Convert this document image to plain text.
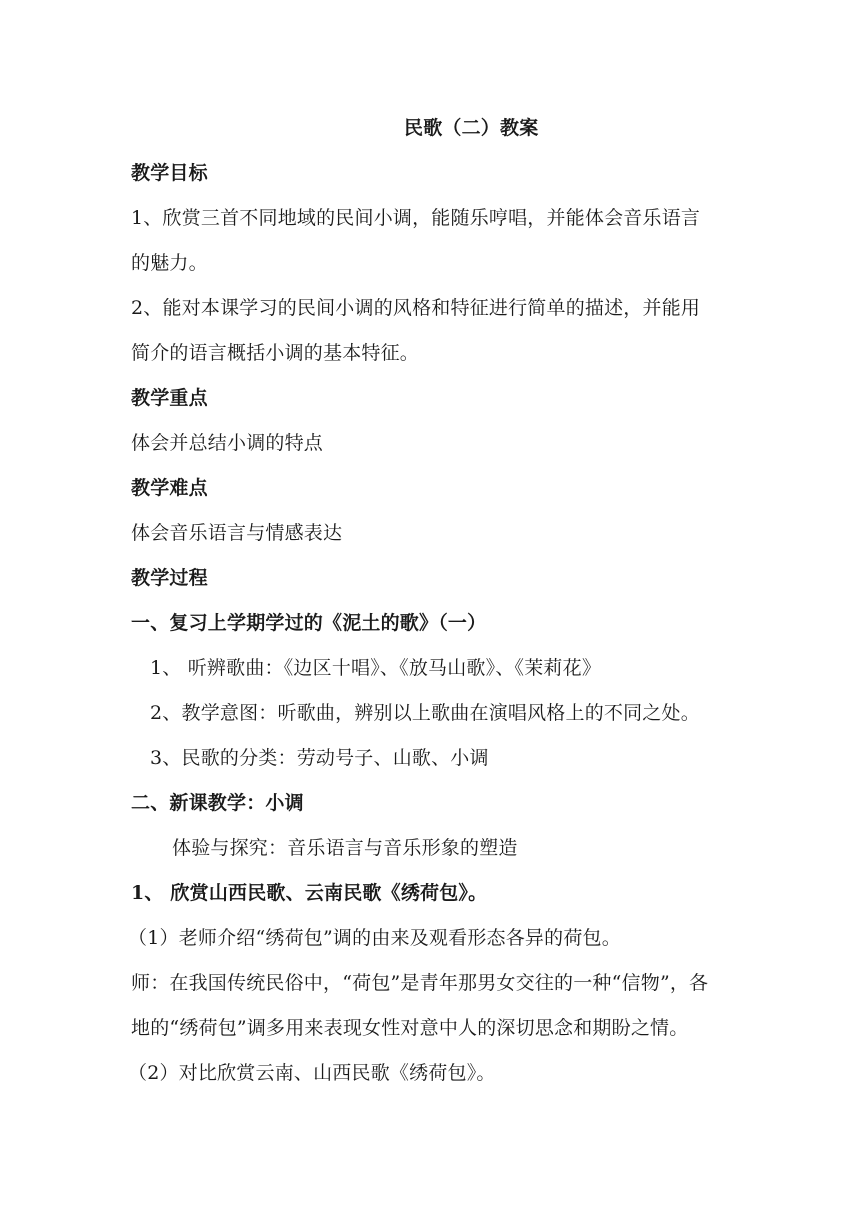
民歌（二）教案
教学目标
1、欣赏三首不同地域的民间小调，能随乐哼唱，并能体会音乐语言
的魅力。
2、能对本课学习的民间小调的风格和特征进行简单的描述，并能用
简介的语言概括小调的基本特征。
教学重点
体会并总结小调的特点
教学难点
体会音乐语言与情感表达
教学过程
一、复习上学期学过的《泥土的歌》（一）
1、 听辨歌曲：《边区十唱》、《放马山歌》、《茉莉花》
2、教学意图：听歌曲，辨别以上歌曲在演唱风格上的不同之处。
3、民歌的分类：劳动号子、山歌、小调
二、新课教学：小调
体验与探究：音乐语言与音乐形象的塑造
1、 欣赏山西民歌、云南民歌《绣荷包》。
（1）老师介绍“绣荷包”调的由来及观看形态各异的荷包。
师：在我国传统民俗中，“荷包”是青年那男女交往的一种“信物”，各
地的“绣荷包”调多用来表现女性对意中人的深切思念和期盼之情。
（2）对比欣赏云南、山西民歌《绣荷包》。
